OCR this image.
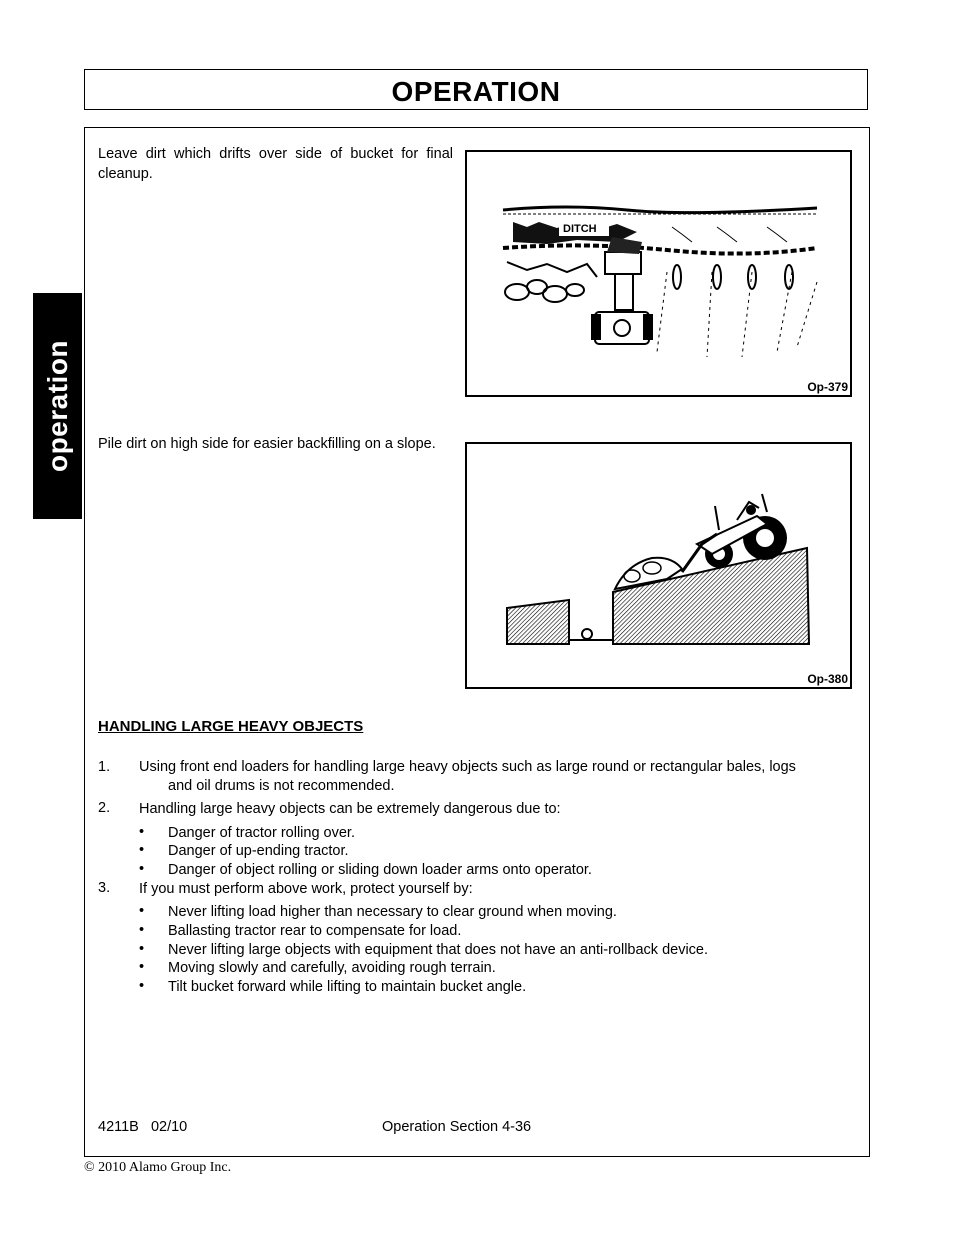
OPERATION
operation
Leave dirt which drifts over side of bucket for final cleanup.
DITCH
Op-379
Pile dirt on high side for easier backfilling on a slope.
Op-380
HANDLING LARGE HEAVY OBJECTS
1. Using front end loaders for handling large heavy objects such as large round or rectangular bales, logs
and oil drums is not recommended.
2. Handling large heavy objects can be extremely dangerous due to:
• Danger of tractor rolling over.
• Danger of up-ending tractor.
• Danger of object rolling or sliding down loader arms onto operator.
3. If you must perform above work, protect yourself by:
• Never lifting load higher than necessary to clear ground when moving.
• Ballasting tractor rear to compensate for load.
• Never lifting large objects with equipment that does not have an anti-rollback device.
• Moving slowly and carefully, avoiding rough terrain.
• Tilt bucket forward while lifting to maintain bucket angle.
4211B   02/10	Operation Section 4-36
© 2010 Alamo Group Inc.
